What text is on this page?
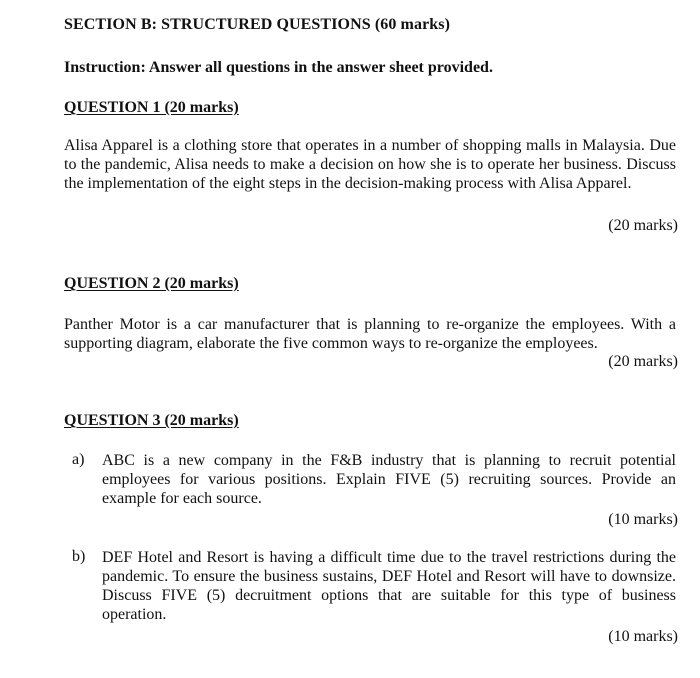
SECTION B: STRUCTURED QUESTIONS (60 marks)
Instruction: Answer all questions in the answer sheet provided.
QUESTION 1 (20 marks)
Alisa Apparel is a clothing store that operates in a number of shopping malls in Malaysia. Due to the pandemic, Alisa needs to make a decision on how she is to operate her business. Discuss the implementation of the eight steps in the decision-making process with Alisa Apparel.
(20 marks)
QUESTION 2 (20 marks)
Panther Motor is a car manufacturer that is planning to re-organize the employees. With a supporting diagram, elaborate the five common ways to re-organize the employees.
(20 marks)
QUESTION 3 (20 marks)
a) ABC is a new company in the F&B industry that is planning to recruit potential employees for various positions. Explain FIVE (5) recruiting sources. Provide an example for each source.
(10 marks)
b) DEF Hotel and Resort is having a difficult time due to the travel restrictions during the pandemic. To ensure the business sustains, DEF Hotel and Resort will have to downsize. Discuss FIVE (5) decruitment options that are suitable for this type of business operation.
(10 marks)
